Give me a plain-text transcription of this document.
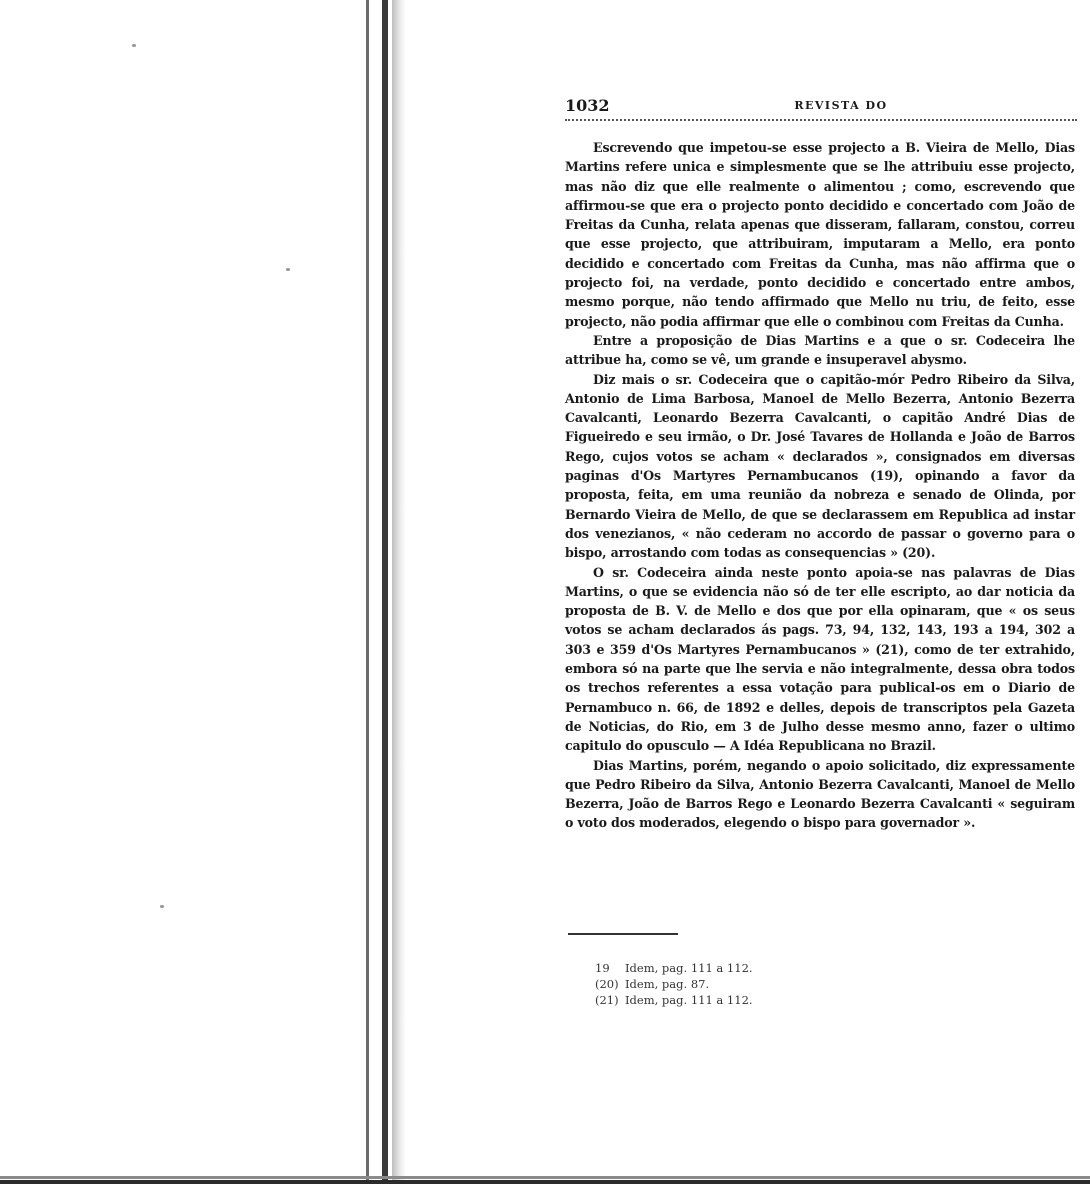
1032	REVISTA DO

Escrevendo que impetou-se esse projecto a B. Vieira de Mello, Dias Martins refere unica e simplesmente que se lhe attribuiu esse projecto, mas não diz que elle realmente o alimentou ; como, escrevendo que affirmou-se que era o projecto ponto decidido e concertado com João de Freitas da Cunha, relata apenas que disseram, fallaram, constou, correu que esse projecto, que attribuiram, imputaram a Mello, era ponto decidido e concertado com Freitas da Cunha, mas não affirma que o projecto foi, na verdade, ponto decidido e concertado entre ambos, mesmo porque, não tendo affirmado que Mello nu triu, de feito, esse projecto, não podia affirmar que elle o combinou com Freitas da Cunha.

Entre a proposição de Dias Martins e a que o sr. Codeceira lhe attribue ha, como se vê, um grande e insuperavel abysmo.

Diz mais o sr. Codeceira que o capitão-mór Pedro Ribeiro da Silva, Antonio de Lima Barbosa, Manoel de Mello Bezerra, Antonio Bezerra Cavalcanti, Leonardo Bezerra Cavalcanti, o capitão André Dias de Figueiredo e seu irmão, o Dr. José Tavares de Hollanda e João de Barros Rego, cujos votos se acham « declarados », consignados em diversas paginas d'Os Martyres Pernambucanos (19), opinando a favor da proposta, feita, em uma reunião da nobreza e senado de Olinda, por Bernardo Vieira de Mello, de que se declarassem em Republica ad instar dos venezianos, « não cederam no accordo de passar o governo para o bispo, arrostando com todas as consequencias » (20).

O sr. Codeceira ainda neste ponto apoia-se nas palavras de Dias Martins, o que se evidencia não só de ter elle escripto, ao dar noticia da proposta de B. V. de Mello e dos que por ella opinaram, que « os seus votos se acham declarados ás pags. 73, 94, 132, 143, 193 a 194, 302 a 303 e 359 d'Os Martyres Pernambucanos » (21), como de ter extrahido, embora só na parte que lhe servia e não integralmente, dessa obra todos os trechos referentes a essa votação para publical-os em o Diario de Pernambuco n. 66, de 1892 e delles, depois de transcriptos pela Gazeta de Noticias, do Rio, em 3 de Julho desse mesmo anno, fazer o ultimo capitulo do opusculo — A Idéa Republicana no Brazil.

Dias Martins, porém, negando o apoio solicitado, diz expressamente que Pedro Ribeiro da Silva, Antonio Bezerra Cavalcanti, Manoel de Mello Bezerra, João de Barros Rego e Leonardo Bezerra Cavalcanti « seguiram o voto dos moderados, elegendo o bispo para governador ».

19 Idem, pag. 111 a 112.
(20) Idem, pag. 87.
(21) Idem, pag. 111 a 112.
